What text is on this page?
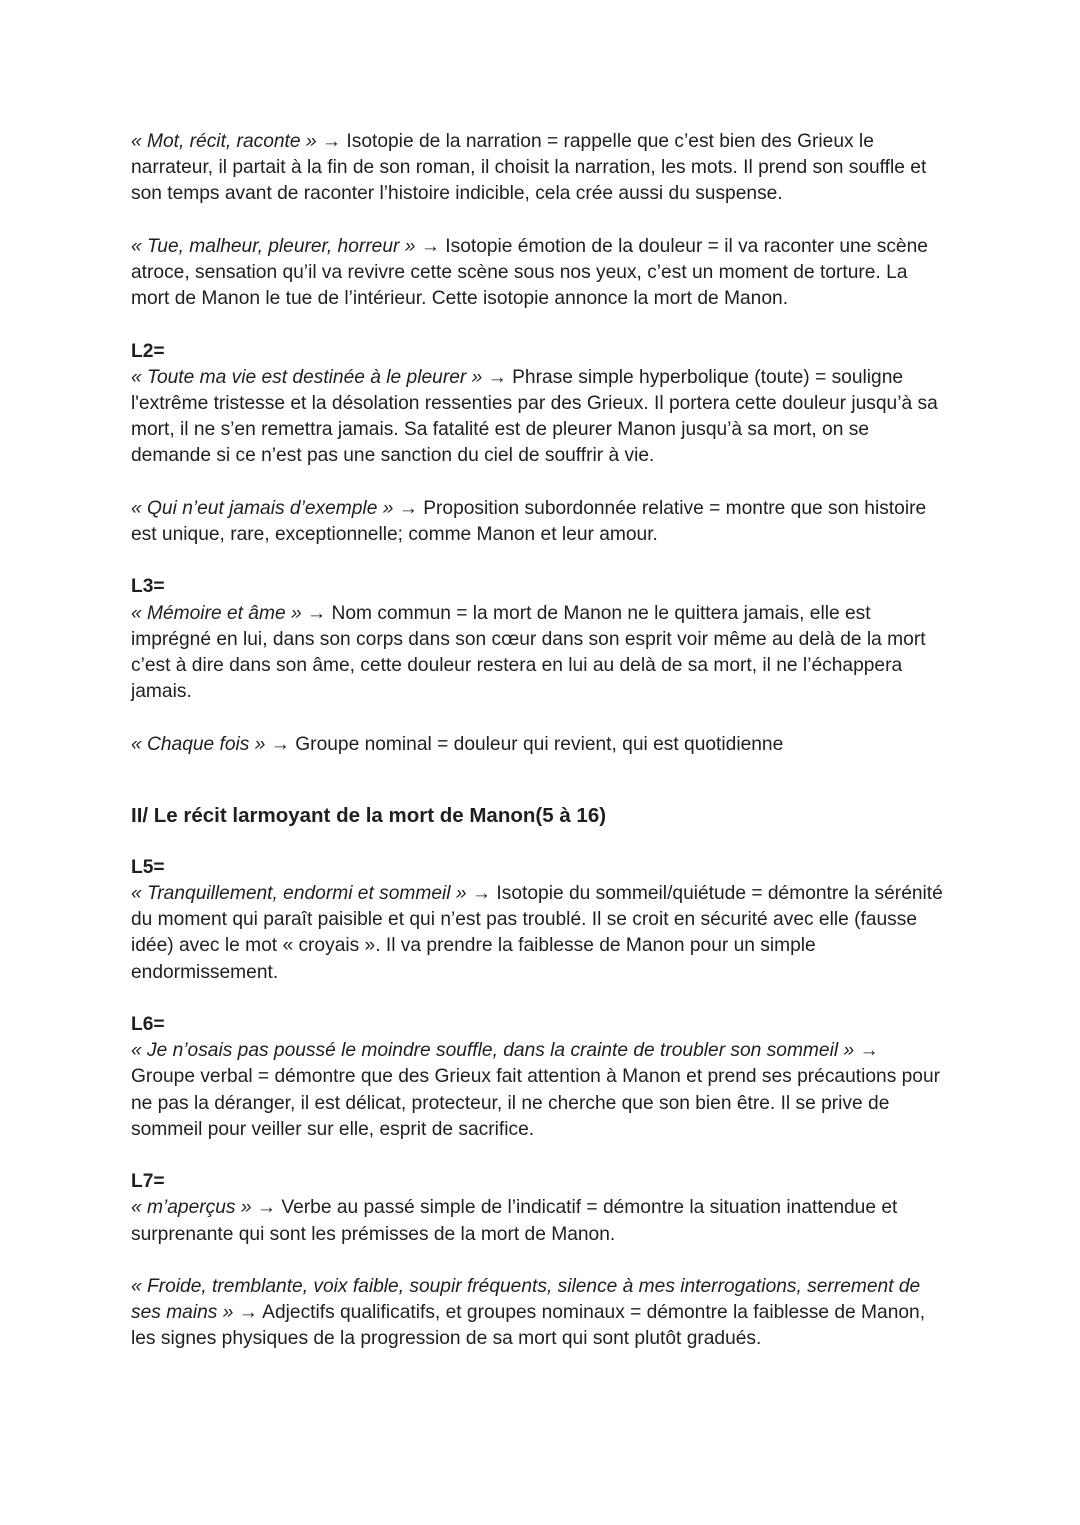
« Mot, récit, raconte » → Isotopie de la narration = rappelle que c’est bien des Grieux le narrateur, il partait à la fin de son roman, il choisit la narration, les mots. Il prend son souffle et son temps avant de raconter l’histoire indicible, cela crée aussi du suspense.

« Tue, malheur, pleurer, horreur » → Isotopie émotion de la douleur = il va raconter une scène atroce, sensation qu’il va revivre cette scène sous nos yeux, c’est un moment de torture. La mort de Manon le tue de l’intérieur. Cette isotopie annonce la mort de Manon.

L2=

« Toute ma vie est destinée à le pleurer » → Phrase simple hyperbolique (toute) = souligne l'extrême tristesse et la désolation ressenties par des Grieux. Il portera cette douleur jusqu’à sa mort, il ne s’en remettra jamais. Sa fatalité est de pleurer Manon jusqu’à sa mort, on se demande si ce n’est pas une sanction du ciel de souffrir à vie.

« Qui n’eut jamais d’exemple » → Proposition subordonnée relative = montre que son histoire est unique, rare, exceptionnelle; comme Manon et leur amour.

L3=

« Mémoire et âme » → Nom commun = la mort de Manon ne le quittera jamais, elle est imprégné en lui, dans son corps dans son cœur dans son esprit voir même au delà de la mort c’est à dire dans son âme, cette douleur restera en lui au delà de sa mort, il ne l’échappera jamais.

« Chaque fois » → Groupe nominal = douleur qui revient, qui est quotidienne

II/ Le récit larmoyant de la mort de Manon(5 à 16)

L5=

« Tranquillement, endormi et sommeil » → Isotopie du sommeil/quiétude = démontre la sérénité du moment qui paraît paisible et qui n’est pas troublé. Il se croit en sécurité avec elle (fausse idée) avec le mot « croyais ». Il va prendre la faiblesse de Manon pour un simple endormissement.

L6=

« Je n’osais pas poussé le moindre souffle, dans la crainte de troubler son sommeil » → Groupe verbal = démontre que des Grieux fait attention à Manon et prend ses précautions pour ne pas la déranger, il est délicat, protecteur, il ne cherche que son bien être. Il se prive de sommeil pour veiller sur elle, esprit de sacrifice.

L7=

« m’aperçus » → Verbe au passé simple de l’indicatif = démontre la situation inattendue et surprenante qui sont les prémisses de la mort de Manon.

« Froide, tremblante, voix faible, soupir fréquents, silence à mes interrogations, serrement de ses mains » → Adjectifs qualificatifs, et groupes nominaux = démontre la faiblesse de Manon, les signes physiques de la progression de sa mort qui sont plutôt gradués.
